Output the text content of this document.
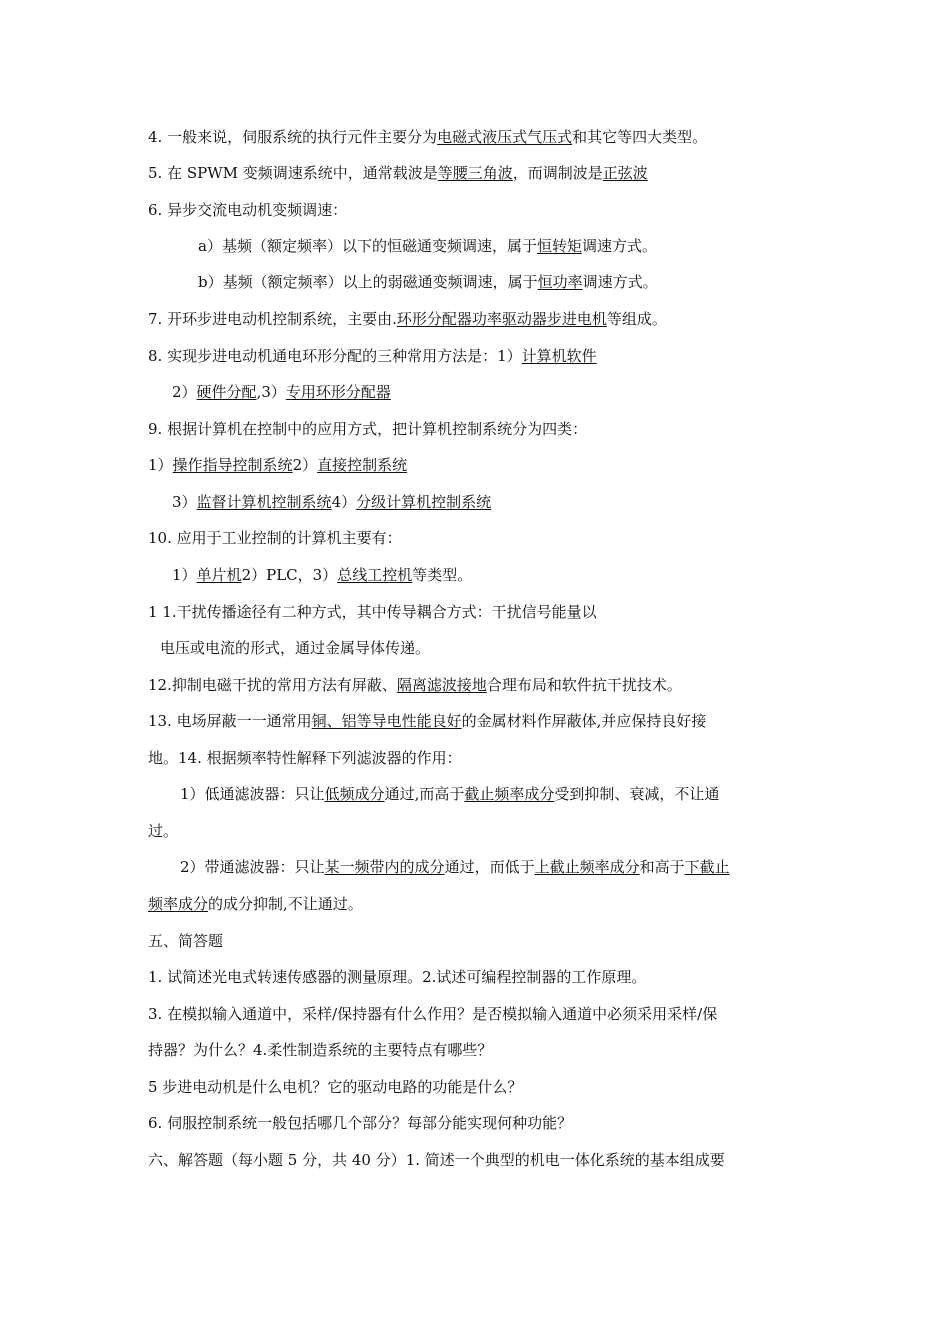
4. 一般来说，伺服系统的执行元件主要分为电磁式液压式气压式和其它等四大类型。
5. 在 SPWM 变频调速系统中，通常载波是等腰三角波，而调制波是正弦波
6. 异步交流电动机变频调速：
a）基频（额定频率）以下的恒磁通变频调速，属于恒转矩调速方式。
b）基频（额定频率）以上的弱磁通变频调速，属于恒功率调速方式。
7. 开环步进电动机控制系统，主要由.环形分配器功率驱动器步进电机等组成。
8. 实现步进电动机通电环形分配的三种常用方法是：1）计算机软件
2）硬件分配,3）专用环形分配器
9. 根据计算机在控制中的应用方式，把计算机控制系统分为四类：
1）操作指导控制系统2）直接控制系统
3）监督计算机控制系统4）分级计算机控制系统
10. 应用于工业控制的计算机主要有：
1）单片机2）PLC，3）总线工控机等类型。
1 1.干扰传播途径有二种方式，其中传导耦合方式：干扰信号能量以
电压或电流的形式，通过金属导体传递。
12.抑制电磁干扰的常用方法有屏蔽、隔离滤波接地合理布局和软件抗干扰技术。
13. 电场屏蔽一一通常用铜、铝等导电性能良好的金属材料作屏蔽体,并应保持良好接
地。14. 根据频率特性解释下列滤波器的作用：
1）低通滤波器：只让低频成分通过,而高于截止频率成分受到抑制、衰减，不让通
过。
2）带通滤波器：只让某一频带内的成分通过，而低于上截止频率成分和高于下截止
频率成分的成分抑制,不让通过。
五、简答题
1. 试简述光电式转速传感器的测量原理。2.试述可编程控制器的工作原理。
3. 在模拟输入通道中，采样/保持器有什么作用？是否模拟输入通道中必须采用采样/保
持器？为什么？4.柔性制造系统的主要特点有哪些？
5 步进电动机是什么电机？它的驱动电路的功能是什么？
6. 伺服控制系统一般包括哪几个部分？每部分能实现何种功能？
六、解答题（每小题 5 分，共 40 分）1. 简述一个典型的机电一体化系统的基本组成要
